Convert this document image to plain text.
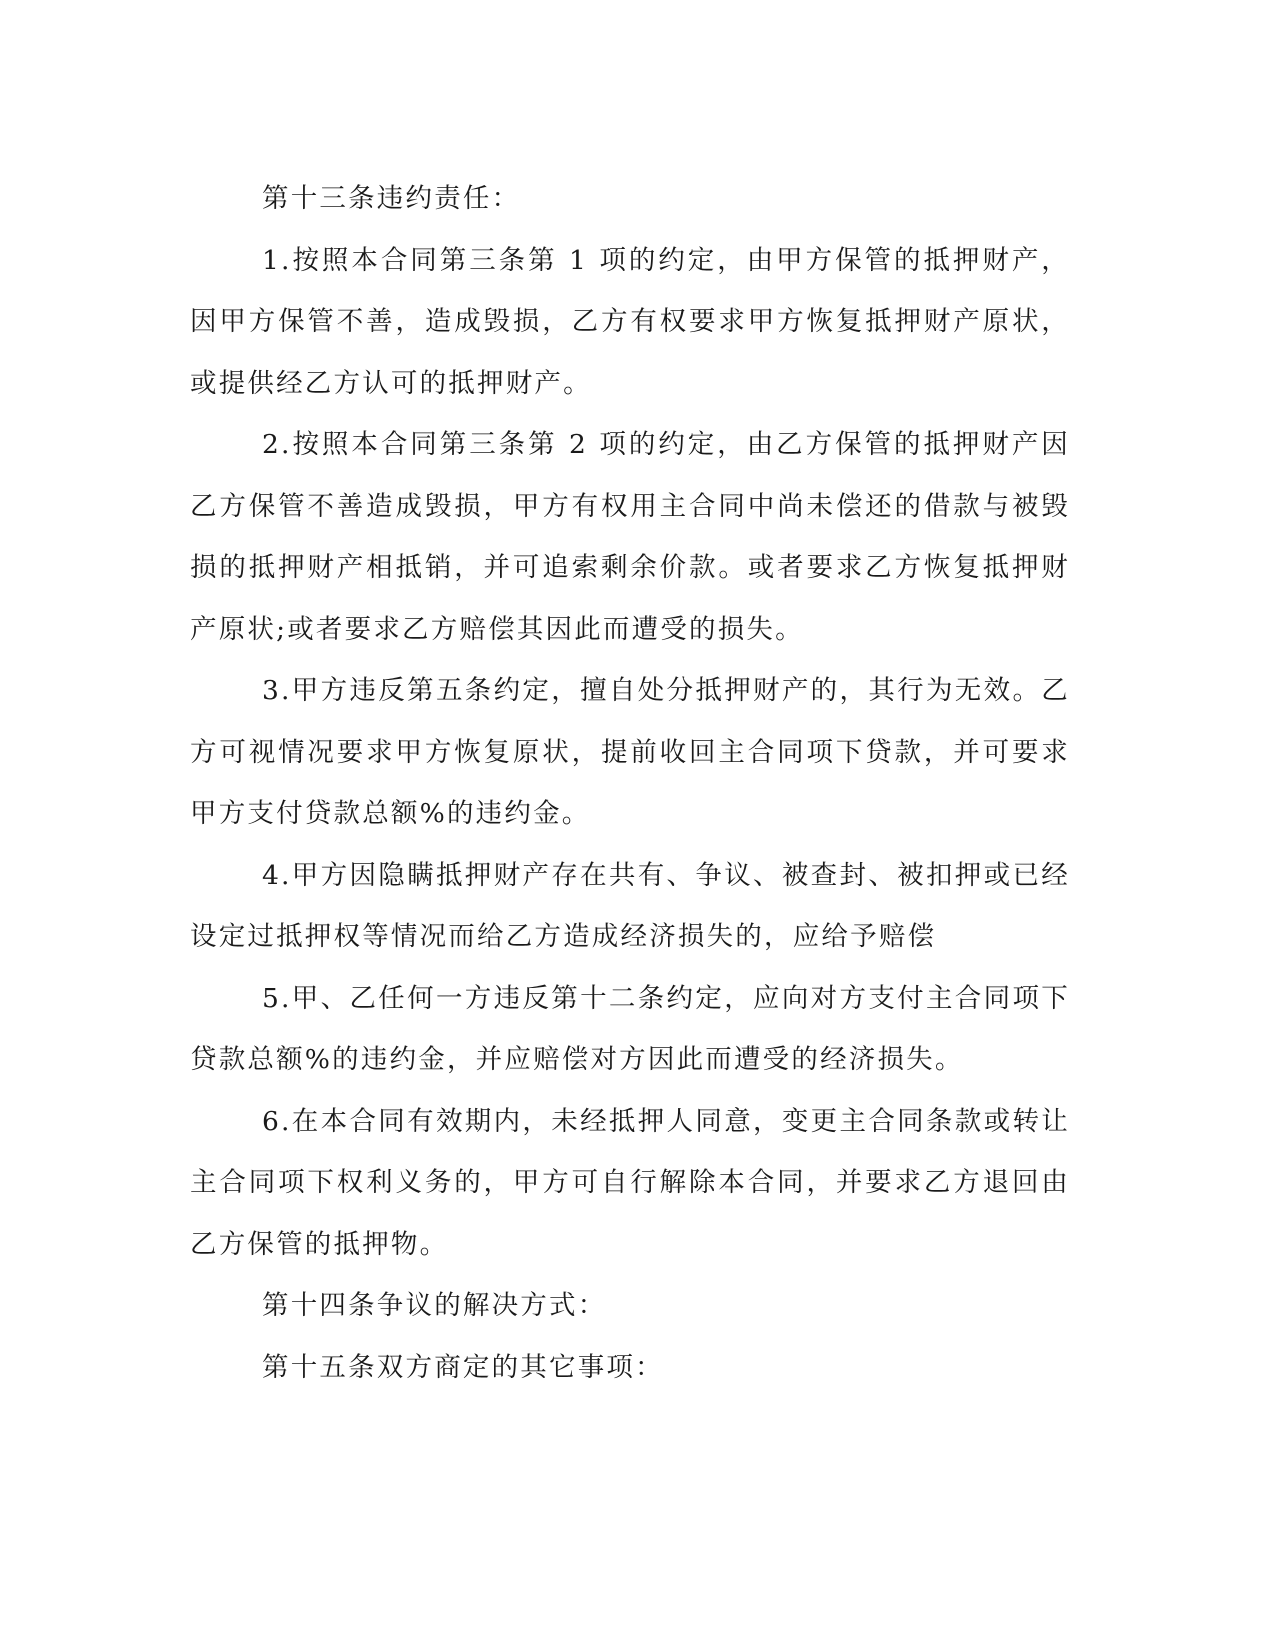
第十三条违约责任：

1.按照本合同第三条第 1 项的约定，由甲方保管的抵押财产，因甲方保管不善，造成毁损，乙方有权要求甲方恢复抵押财产原状，或提供经乙方认可的抵押财产。

2.按照本合同第三条第 2 项的约定，由乙方保管的抵押财产因乙方保管不善造成毁损，甲方有权用主合同中尚未偿还的借款与被毁损的抵押财产相抵销，并可追索剩余价款。或者要求乙方恢复抵押财产原状;或者要求乙方赔偿其因此而遭受的损失。

3.甲方违反第五条约定，擅自处分抵押财产的，其行为无效。乙方可视情况要求甲方恢复原状，提前收回主合同项下贷款，并可要求甲方支付贷款总额%的违约金。

4.甲方因隐瞒抵押财产存在共有、争议、被查封、被扣押或已经设定过抵押权等情况而给乙方造成经济损失的，应给予赔偿

5.甲、乙任何一方违反第十二条约定，应向对方支付主合同项下贷款总额%的违约金，并应赔偿对方因此而遭受的经济损失。

6.在本合同有效期内，未经抵押人同意，变更主合同条款或转让主合同项下权利义务的，甲方可自行解除本合同，并要求乙方退回由乙方保管的抵押物。

第十四条争议的解决方式：

第十五条双方商定的其它事项：
